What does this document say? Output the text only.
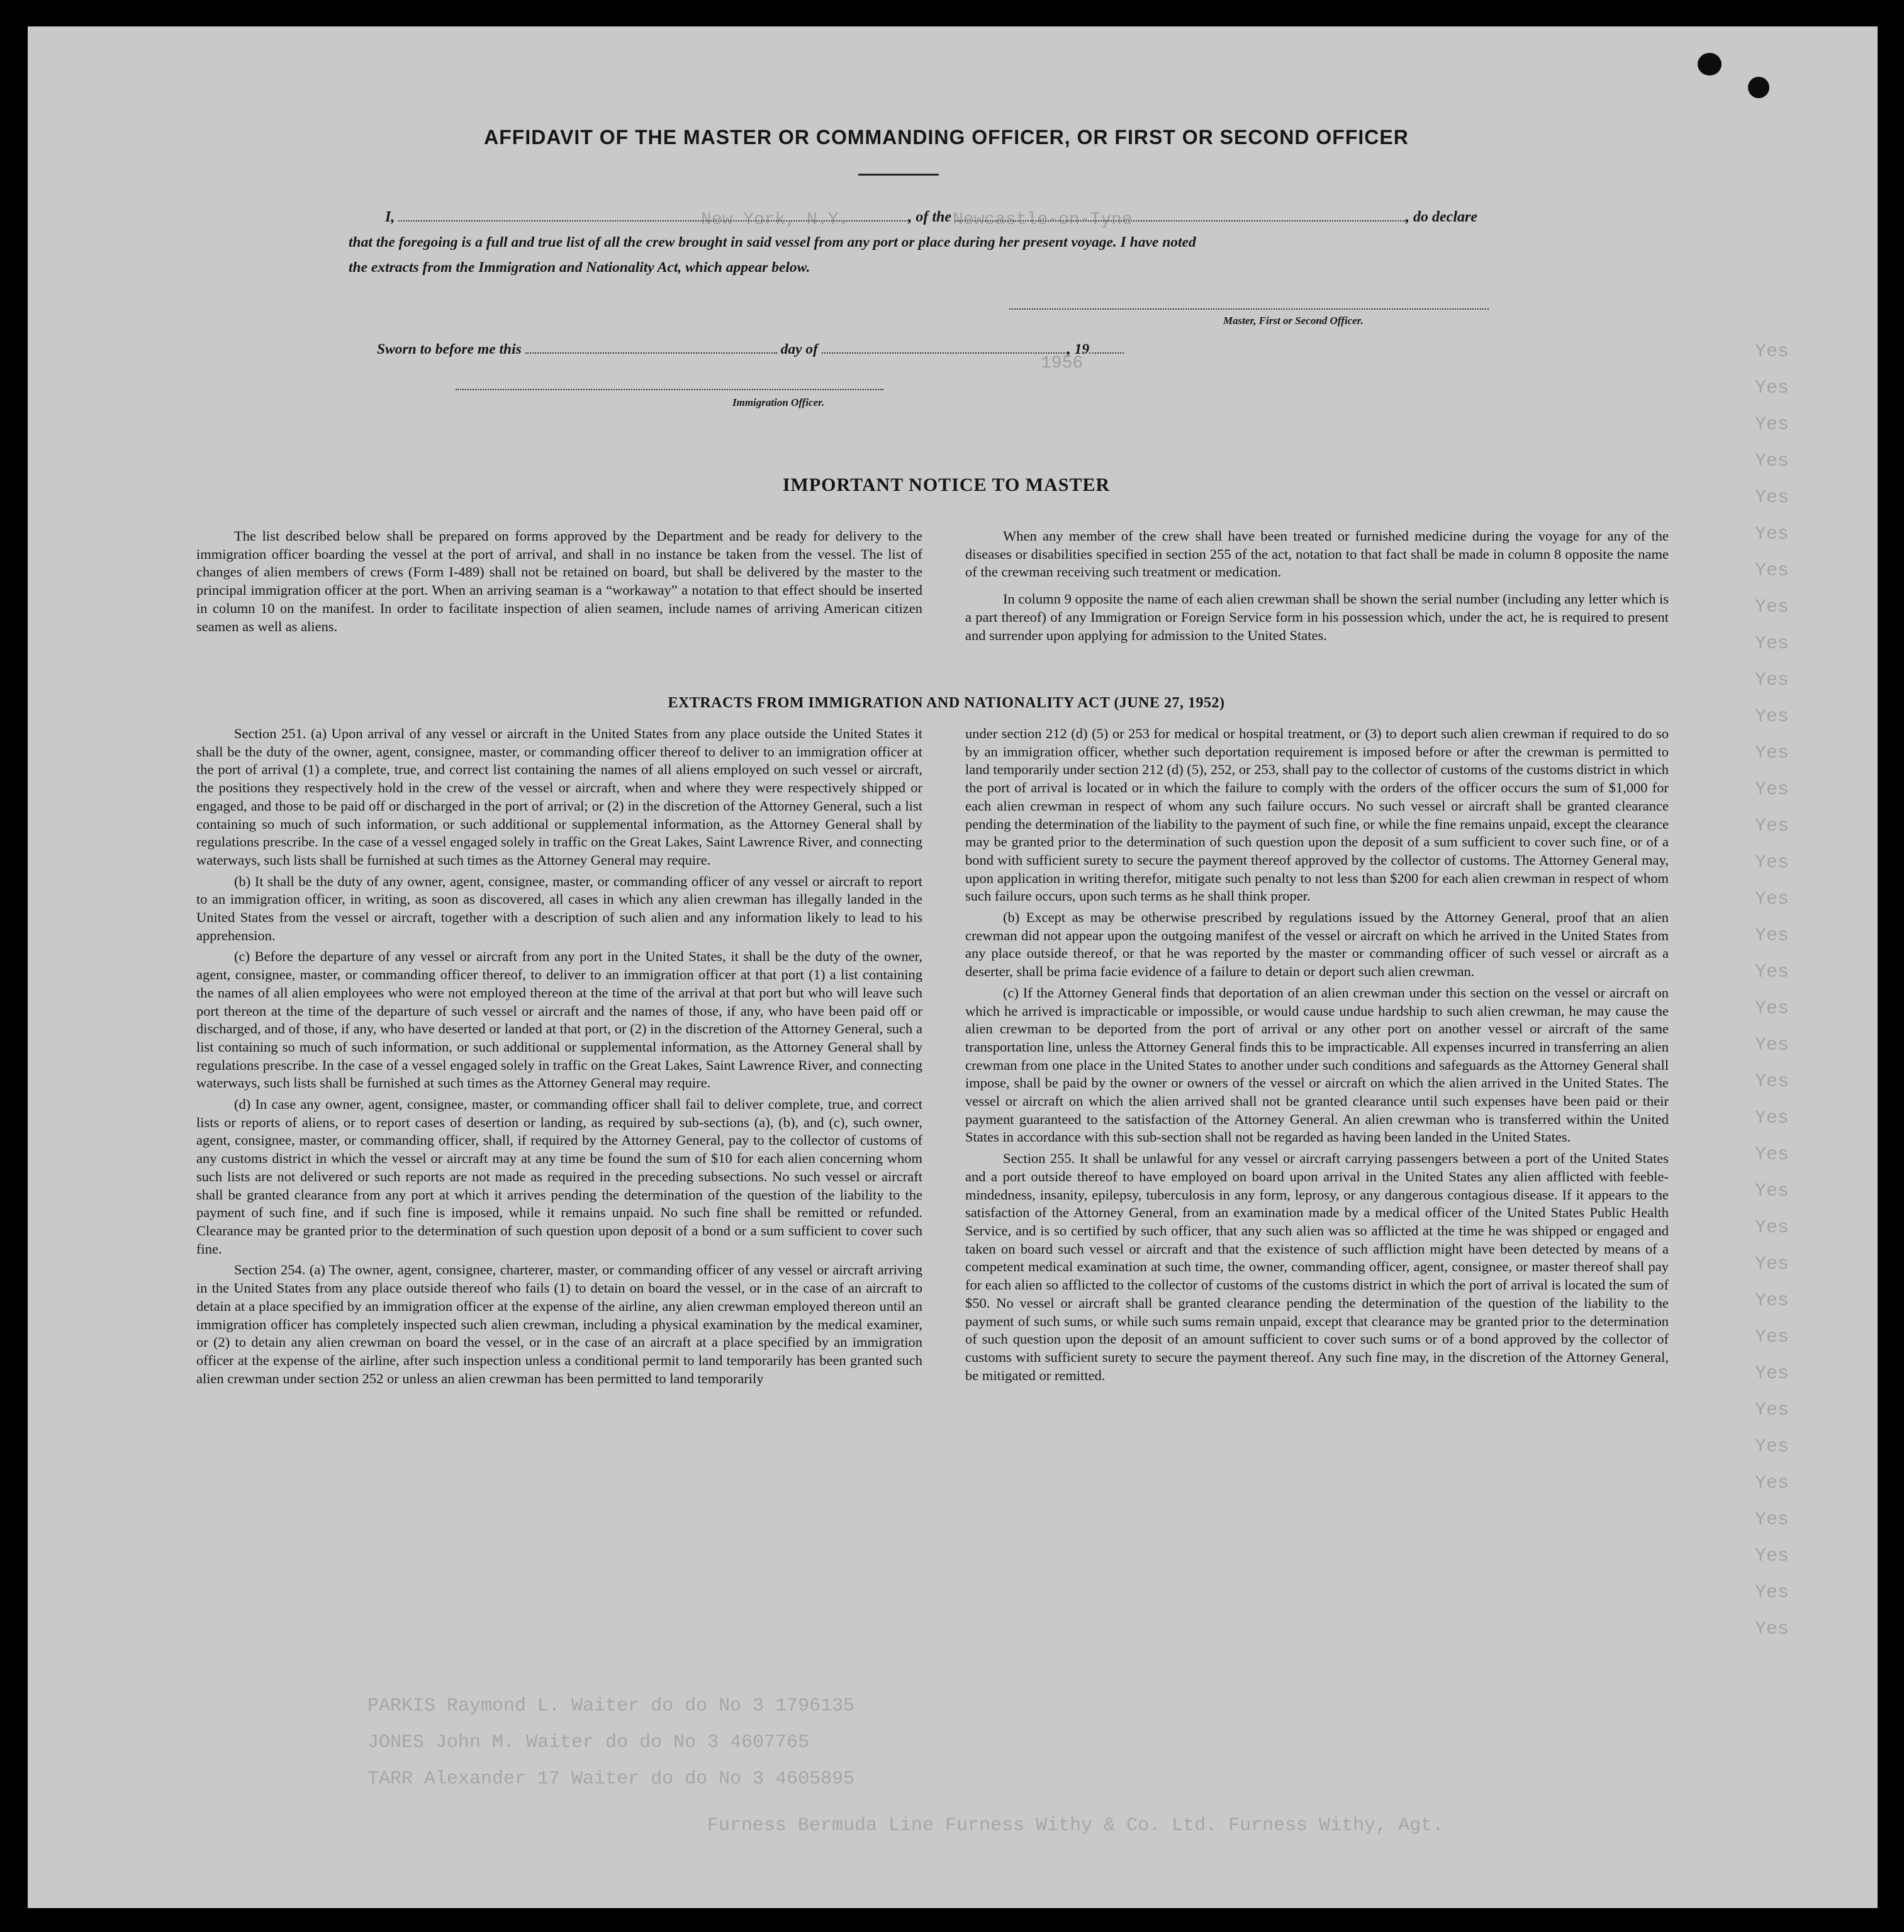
New York, N.Y.	Newcastle-on-Tyne
1956
Yes
Yes
Yes
Yes
Yes
Yes
Yes
Yes
Yes
Yes
Yes
Yes
Yes
Yes
Yes
Yes
Yes
Yes
Yes
Yes
Yes
Yes
Yes
Yes
Yes
Yes
Yes
Yes
Yes
Yes
Yes
Yes
Yes
Yes
Yes
Yes
PARKIS Raymond L. Waiter do do No 3 1796135
JONES John M. Waiter do do No 3 4607765
TARR Alexander 17 Waiter do do No 3 4605895
Furness Bermuda Line Furness Withy & Co. Ltd. Furness Withy, Agt.
AFFIDAVIT OF THE MASTER OR COMMANDING OFFICER, OR FIRST OR SECOND OFFICER
I,	, of the	, do declare
that the foregoing is a full and true list of all the crew brought in said vessel from any port or place during her present voyage. I have noted
the extracts from the Immigration and Nationality Act, which appear below.
Master, First or Second Officer.
Sworn to before me this	day of	, 19
Immigration Officer.
IMPORTANT NOTICE TO MASTER

The list described below shall be prepared on forms approved by the Department and be ready for delivery to the immigration officer boarding the vessel at the port of arrival, and shall in no instance be taken from the vessel. The list of changes of alien members of crews (Form I-489) shall not be retained on board, but shall be delivered by the master to the principal immigration officer at the port. When an arriving seaman is a “workaway” a notation to that effect should be inserted in column 10 on the manifest. In order to facilitate inspection of alien seamen, include names of arriving American citizen seamen as well as aliens.

When any member of the crew shall have been treated or furnished medicine during the voyage for any of the diseases or disabilities specified in section 255 of the act, notation to that fact shall be made in column 8 opposite the name of the crewman receiving such treatment or medication.

In column 9 opposite the name of each alien crewman shall be shown the serial number (including any letter which is a part thereof) of any Immigration or Foreign Service form in his possession which, under the act, he is required to present and surrender upon applying for admission to the United States.

EXTRACTS FROM IMMIGRATION AND NATIONALITY ACT (JUNE 27, 1952)

Section 251. (a) Upon arrival of any vessel or aircraft in the United States from any place outside the United States it shall be the duty of the owner, agent, consignee, master, or commanding officer thereof to deliver to an immigration officer at the port of arrival (1) a complete, true, and correct list containing the names of all aliens employed on such vessel or aircraft, the positions they respectively hold in the crew of the vessel or aircraft, when and where they were respectively shipped or engaged, and those to be paid off or discharged in the port of arrival; or (2) in the discretion of the Attorney General, such a list containing so much of such information, or such additional or supplemental information, as the Attorney General shall by regulations prescribe. In the case of a vessel engaged solely in traffic on the Great Lakes, Saint Lawrence River, and connecting waterways, such lists shall be furnished at such times as the Attorney General may require.

(b) It shall be the duty of any owner, agent, consignee, master, or commanding officer of any vessel or aircraft to report to an immigration officer, in writing, as soon as discovered, all cases in which any alien crewman has illegally landed in the United States from the vessel or aircraft, together with a description of such alien and any information likely to lead to his apprehension.

(c) Before the departure of any vessel or aircraft from any port in the United States, it shall be the duty of the owner, agent, consignee, master, or commanding officer thereof, to deliver to an immigration officer at that port (1) a list containing the names of all alien employees who were not employed thereon at the time of the arrival at that port but who will leave such port thereon at the time of the departure of such vessel or aircraft and the names of those, if any, who have been paid off or discharged, and of those, if any, who have deserted or landed at that port, or (2) in the discretion of the Attorney General, such a list containing so much of such information, or such additional or supplemental information, as the Attorney General shall by regulations prescribe. In the case of a vessel engaged solely in traffic on the Great Lakes, Saint Lawrence River, and connecting waterways, such lists shall be furnished at such times as the Attorney General may require.

(d) In case any owner, agent, consignee, master, or commanding officer shall fail to deliver complete, true, and correct lists or reports of aliens, or to report cases of desertion or landing, as required by sub-sections (a), (b), and (c), such owner, agent, consignee, master, or commanding officer, shall, if required by the Attorney General, pay to the collector of customs of any customs district in which the vessel or aircraft may at any time be found the sum of $10 for each alien concerning whom such lists are not delivered or such reports are not made as required in the preceding subsections. No such vessel or aircraft shall be granted clearance from any port at which it arrives pending the determination of the question of the liability to the payment of such fine, and if such fine is imposed, while it remains unpaid. No such fine shall be remitted or refunded. Clearance may be granted prior to the determination of such question upon deposit of a bond or a sum sufficient to cover such fine.

Section 254. (a) The owner, agent, consignee, charterer, master, or commanding officer of any vessel or aircraft arriving in the United States from any place outside thereof who fails (1) to detain on board the vessel, or in the case of an aircraft to detain at a place specified by an immigration officer at the expense of the airline, any alien crewman employed thereon until an immigration officer has completely inspected such alien crewman, including a physical examination by the medical examiner, or (2) to detain any alien crewman on board the vessel, or in the case of an aircraft at a place specified by an immigration officer at the expense of the airline, after such inspection unless a conditional permit to land temporarily has been granted such alien crewman under section 252 or unless an alien crewman has been permitted to land temporarily

under section 212 (d) (5) or 253 for medical or hospital treatment, or (3) to deport such alien crewman if required to do so by an immigration officer, whether such deportation requirement is imposed before or after the crewman is permitted to land temporarily under section 212 (d) (5), 252, or 253, shall pay to the collector of customs of the customs district in which the port of arrival is located or in which the failure to comply with the orders of the officer occurs the sum of $1,000 for each alien crewman in respect of whom any such failure occurs. No such vessel or aircraft shall be granted clearance pending the determination of the liability to the payment of such fine, or while the fine remains unpaid, except the clearance may be granted prior to the determination of such question upon the deposit of a sum sufficient to cover such fine, or of a bond with sufficient surety to secure the payment thereof approved by the collector of customs. The Attorney General may, upon application in writing therefor, mitigate such penalty to not less than $200 for each alien crewman in respect of whom such failure occurs, upon such terms as he shall think proper.

(b) Except as may be otherwise prescribed by regulations issued by the Attorney General, proof that an alien crewman did not appear upon the outgoing manifest of the vessel or aircraft on which he arrived in the United States from any place outside thereof, or that he was reported by the master or commanding officer of such vessel or aircraft as a deserter, shall be prima facie evidence of a failure to detain or deport such alien crewman.

(c) If the Attorney General finds that deportation of an alien crewman under this section on the vessel or aircraft on which he arrived is impracticable or impossible, or would cause undue hardship to such alien crewman, he may cause the alien crewman to be deported from the port of arrival or any other port on another vessel or aircraft of the same transportation line, unless the Attorney General finds this to be impracticable. All expenses incurred in transferring an alien crewman from one place in the United States to another under such conditions and safeguards as the Attorney General shall impose, shall be paid by the owner or owners of the vessel or aircraft on which the alien arrived in the United States. The vessel or aircraft on which the alien arrived shall not be granted clearance until such expenses have been paid or their payment guaranteed to the satisfaction of the Attorney General. An alien crewman who is transferred within the United States in accordance with this sub-section shall not be regarded as having been landed in the United States.

Section 255. It shall be unlawful for any vessel or aircraft carrying passengers between a port of the United States and a port outside thereof to have employed on board upon arrival in the United States any alien afflicted with feeble-mindedness, insanity, epilepsy, tuberculosis in any form, leprosy, or any dangerous contagious disease. If it appears to the satisfaction of the Attorney General, from an examination made by a medical officer of the United States Public Health Service, and is so certified by such officer, that any such alien was so afflicted at the time he was shipped or engaged and taken on board such vessel or aircraft and that the existence of such affliction might have been detected by means of a competent medical examination at such time, the owner, commanding officer, agent, consignee, or master thereof shall pay for each alien so afflicted to the collector of customs of the customs district in which the port of arrival is located the sum of $50. No vessel or aircraft shall be granted clearance pending the determination of the question of the liability to the payment of such sums, or while such sums remain unpaid, except that clearance may be granted prior to the determination of such question upon the deposit of an amount sufficient to cover such sums or of a bond approved by the collector of customs with sufficient surety to secure the payment thereof. Any such fine may, in the discretion of the Attorney General, be mitigated or remitted.
